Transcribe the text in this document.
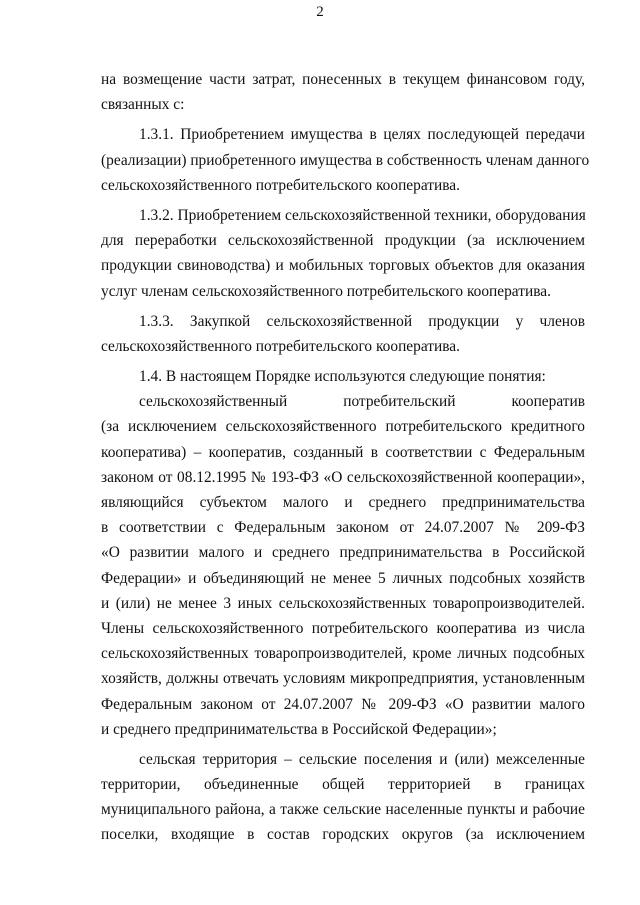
2
на возмещение части затрат, понесенных в текущем финансовом году,
связанных с:
1.3.1. Приобретением имущества в целях последующей передачи
(реализации) приобретенного имущества в собственность членам данного
сельскохозяйственного потребительского кооператива.
1.3.2. Приобретением сельскохозяйственной техники, оборудования
для переработки сельскохозяйственной продукции (за исключением
продукции свиноводства) и мобильных торговых объектов для оказания
услуг членам сельскохозяйственного потребительского кооператива.
1.3.3. Закупкой сельскохозяйственной продукции у членов
сельскохозяйственного потребительского кооператива.
1.4. В настоящем Порядке используются следующие понятия:
сельскохозяйственный потребительский кооператив
(за исключением сельскохозяйственного потребительского кредитного
кооператива) – кооператив, созданный в соответствии с Федеральным
законом от 08.12.1995 № 193-ФЗ «О сельскохозяйственной кооперации»,
являющийся субъектом малого и среднего предпринимательства
в соответствии с Федеральным законом от 24.07.2007 № 209-ФЗ
«О развитии малого и среднего предпринимательства в Российской
Федерации» и объединяющий не менее 5 личных подсобных хозяйств
и (или) не менее 3 иных сельскохозяйственных товаропроизводителей.
Члены сельскохозяйственного потребительского кооператива из числа
сельскохозяйственных товаропроизводителей, кроме личных подсобных
хозяйств, должны отвечать условиям микропредприятия, установленным
Федеральным законом от 24.07.2007 № 209-ФЗ «О развитии малого
и среднего предпринимательства в Российской Федерации»;
сельская территория – сельские поселения и (или) межселенные
территории, объединенные общей территорией в границах
муниципального района, а также сельские населенные пункты и рабочие
поселки, входящие в состав городских округов (за исключением
